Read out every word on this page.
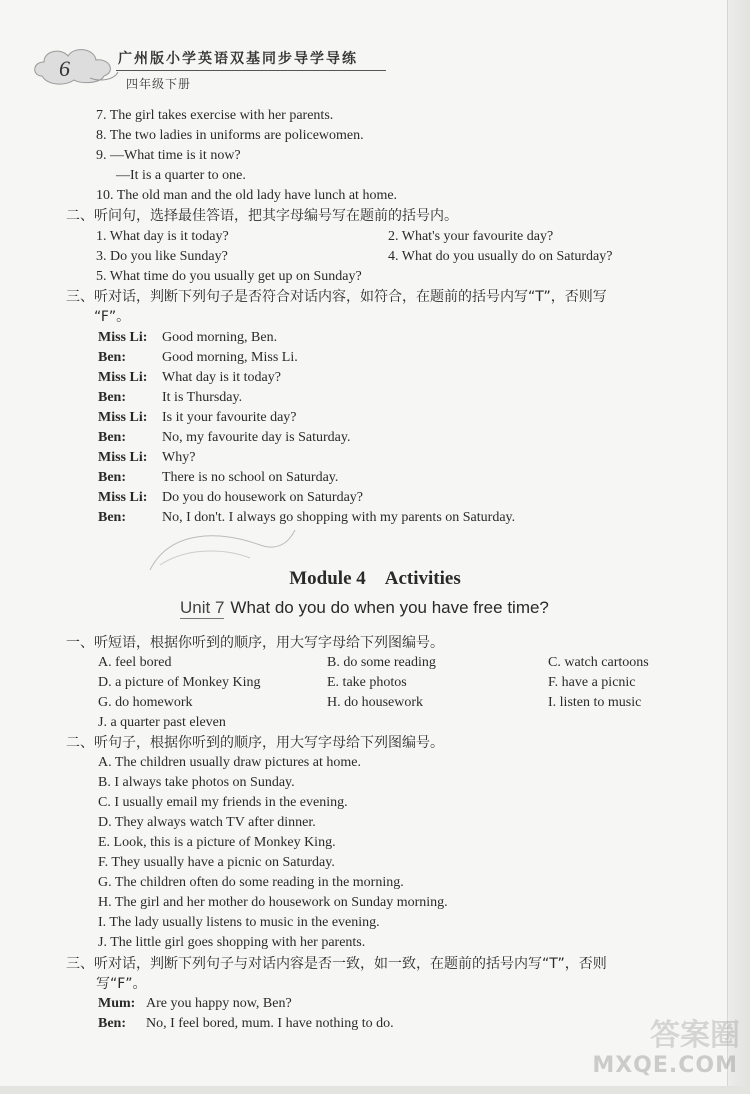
6	广州版小学英语双基同步导学导练
四年级下册
7. The girl takes exercise with her parents.
8. The two ladies in uniforms are policewomen.
9. —What time is it now?
—It is a quarter to one.
10. The old man and the old lady have lunch at home.
二、听问句，选择最佳答语，把其字母编号写在题前的括号内。
1. What day is it today?	2. What's your favourite day?
3. Do you like Sunday?	4. What do you usually do on Saturday?
5. What time do you usually get up on Sunday?
三、听对话，判断下列句子是否符合对话内容，如符合，在题前的括号内写“T”，否则写
“F”。
Miss Li: Good morning, Ben.
Ben:	Good morning, Miss Li.
Miss Li: What day is it today?
Ben:	It is Thursday.
Miss Li: Is it your favourite day?
Ben:	No, my favourite day is Saturday.
Miss Li: Why?
Ben:	There is no school on Saturday.
Miss Li: Do you do housework on Saturday?
Ben:	No, I don't. I always go shopping with my parents on Saturday.
Module 4　Activities
Unit 7 What do you do when you have free time?
一、听短语，根据你听到的顺序，用大写字母给下列图编号。
A. feel bored	B. do some reading	C. watch cartoons
D. a picture of Monkey King	E. take photos	F. have a picnic
G. do homework	H. do housework	I. listen to music
J. a quarter past eleven
二、听句子，根据你听到的顺序，用大写字母给下列图编号。
A. The children usually draw pictures at home.
B. I always take photos on Sunday.
C. I usually email my friends in the evening.
D. They always watch TV after dinner.
E. Look, this is a picture of Monkey King.
F. They usually have a picnic on Saturday.
G. The children often do some reading in the morning.
H. The girl and her mother do housework on Sunday morning.
I. The lady usually listens to music in the evening.
J. The little girl goes shopping with her parents.
三、听对话，判断下列句子与对话内容是否一致，如一致，在题前的括号内写“T”，否则
写“F”。
Mum: Are you happy now, Ben?
Ben: No, I feel bored, mum. I have nothing to do.	答案圈
MXQE.COM
